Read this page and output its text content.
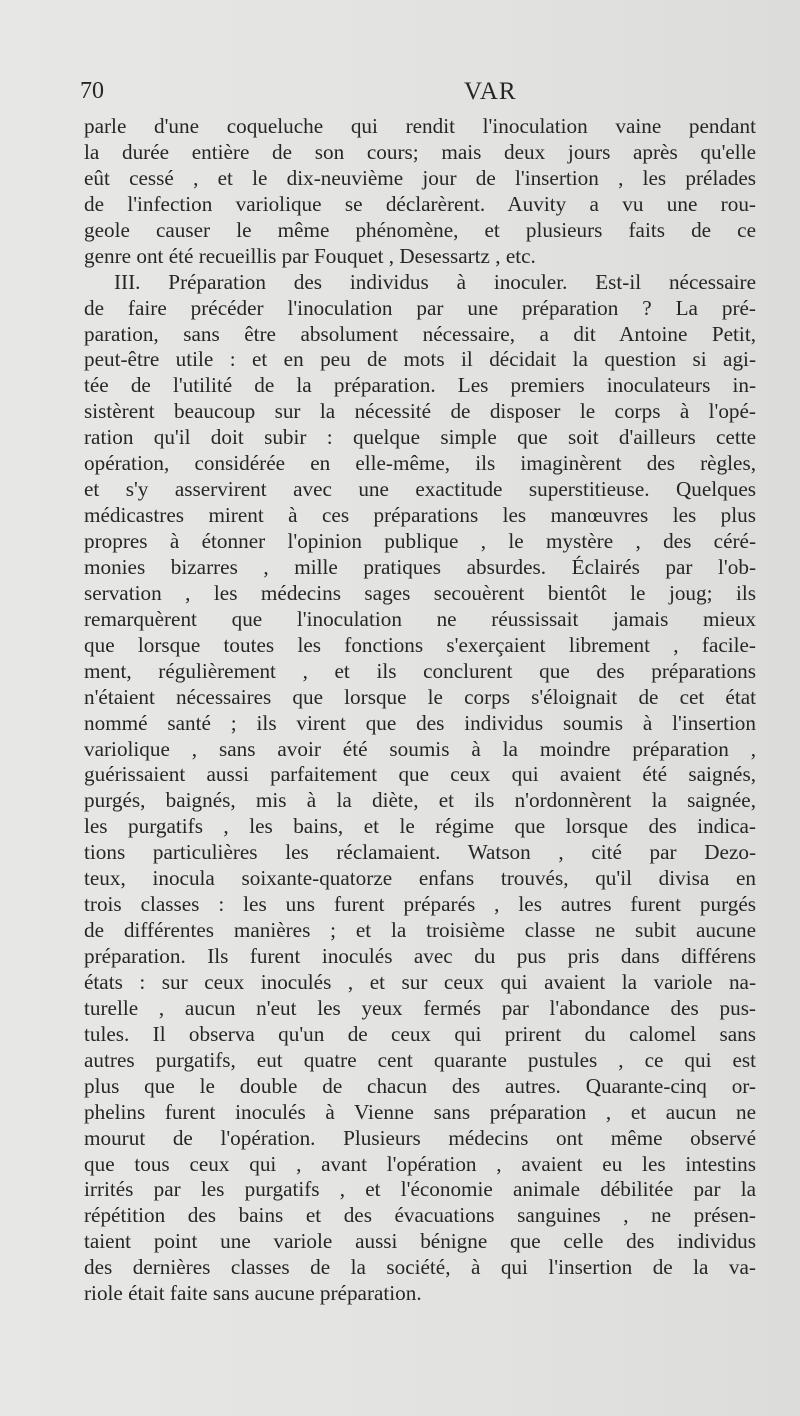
70	VAR
parle d'une coqueluche qui rendit l'inoculation vaine pendant
la durée entière de son cours; mais deux jours après qu'elle
eût cessé , et le dix-neuvième jour de l'insertion , les prélades
de l'infection variolique se déclarèrent. Auvity a vu une rou-
geole causer le même phénomène, et plusieurs faits de ce
genre ont été recueillis par Fouquet , Desessartz , etc.
III. Préparation des individus à inoculer. Est-il nécessaire
de faire précéder l'inoculation par une préparation ? La pré-
paration, sans être absolument nécessaire, a dit Antoine Petit,
peut-être utile : et en peu de mots il décidait la question si agi-
tée de l'utilité de la préparation. Les premiers inoculateurs in-
sistèrent beaucoup sur la nécessité de disposer le corps à l'opé-
ration qu'il doit subir : quelque simple que soit d'ailleurs cette
opération, considérée en elle-même, ils imaginèrent des règles,
et s'y asservirent avec une exactitude superstitieuse. Quelques
médicastres mirent à ces préparations les manœuvres les plus
propres à étonner l'opinion publique , le mystère , des céré-
monies bizarres , mille pratiques absurdes. Éclairés par l'ob-
servation , les médecins sages secouèrent bientôt le joug; ils
remarquèrent que l'inoculation ne réussissait jamais mieux
que lorsque toutes les fonctions s'exerçaient librement , facile-
ment, régulièrement , et ils conclurent que des préparations
n'étaient nécessaires que lorsque le corps s'éloignait de cet état
nommé santé ; ils virent que des individus soumis à l'insertion
variolique , sans avoir été soumis à la moindre préparation ,
guérissaient aussi parfaitement que ceux qui avaient été saignés,
purgés, baignés, mis à la diète, et ils n'ordonnèrent la saignée,
les purgatifs , les bains, et le régime que lorsque des indica-
tions particulières les réclamaient. Watson , cité par Dezo-
teux, inocula soixante-quatorze enfans trouvés, qu'il divisa en
trois classes : les uns furent préparés , les autres furent purgés
de différentes manières ; et la troisième classe ne subit aucune
préparation. Ils furent inoculés avec du pus pris dans différens
états : sur ceux inoculés , et sur ceux qui avaient la variole na-
turelle , aucun n'eut les yeux fermés par l'abondance des pus-
tules. Il observa qu'un de ceux qui prirent du calomel sans
autres purgatifs, eut quatre cent quarante pustules , ce qui est
plus que le double de chacun des autres. Quarante-cinq or-
phelins furent inoculés à Vienne sans préparation , et aucun ne
mourut de l'opération. Plusieurs médecins ont même observé
que tous ceux qui , avant l'opération , avaient eu les intestins
irrités par les purgatifs , et l'économie animale débilitée par la
répétition des bains et des évacuations sanguines , ne présen-
taient point une variole aussi bénigne que celle des individus
des dernières classes de la société, à qui l'insertion de la va-
riole était faite sans aucune préparation.
